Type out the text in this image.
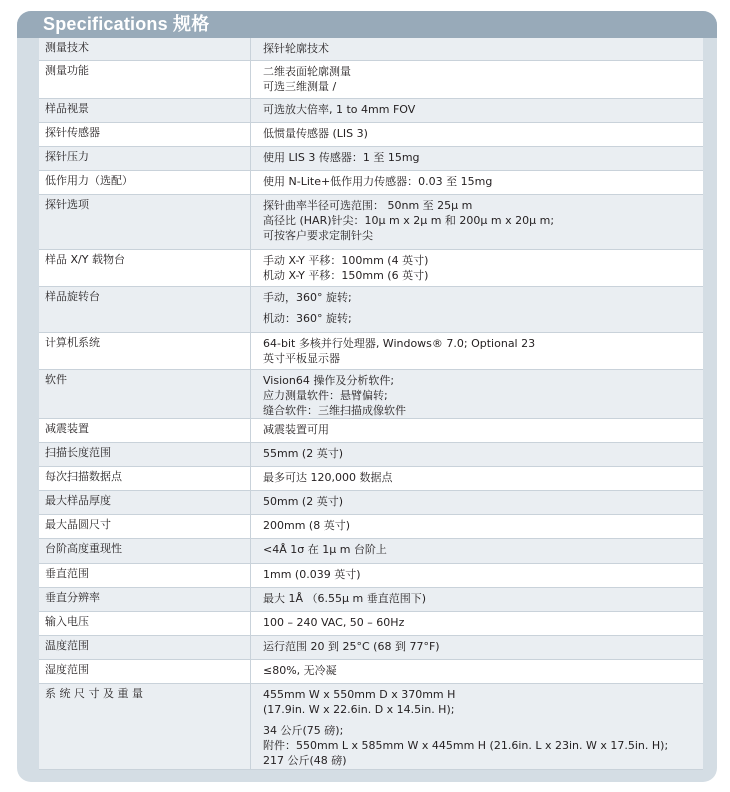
Specifications 规格
测量技术	探针轮廓技术
测量功能	二维表面轮廓测量
可选三维测量 /
样品视景	可选放大倍率, 1 to 4mm FOV
探针传感器	低惯量传感器 (LIS 3)
探针压力	使用 LIS 3 传感器：1 至 15mg
低作用力（选配）	使用 N-Lite+低作用力传感器：0.03 至 15mg
探针选项	探针曲率半径可选范围： 50nm 至 25μ m
高径比 (HAR)针尖：10μ m x 2μ m 和 200μ m x 20μ m;
可按客户要求定制针尖
样品 X/Y 载物台	手动 X-Y 平移：100mm (4 英寸)
机动 X-Y 平移：150mm (6 英寸)
样品旋转台	手动，360° 旋转;
机动：360° 旋转;
计算机系统	64-bit 多核并行处理器, Windows® 7.0; Optional 23
英寸平板显示器
软件	Vision64 操作及分析软件;
应力测量软件：悬臂偏转;
缝合软件：三维扫描成像软件
减震装置	减震装置可用
扫描长度范围	55mm (2 英寸)
每次扫描数据点	最多可达 120,000 数据点
最大样品厚度	50mm (2 英寸)
最大晶圆尺寸	200mm (8 英寸)
台阶高度重现性	<4Å 1σ 在 1μ m 台阶上
垂直范围	1mm (0.039 英寸)
垂直分辨率	最大 1Å （6.55μ m 垂直范围下)
输入电压	100 – 240 VAC, 50 – 60Hz
温度范围	运行范围 20 到 25°C (68 到 77°F)
湿度范围	≤80%, 无冷凝
系 统 尺 寸 及 重 量	455mm W x 550mm D x 370mm H
(17.9in. W x 22.6in. D x 14.5in. H);
34 公斤(75 磅);
附件：550mm L x 585mm W x 445mm H (21.6in. L x 23in. W x 17.5in. H);
217 公斤(48 磅)
